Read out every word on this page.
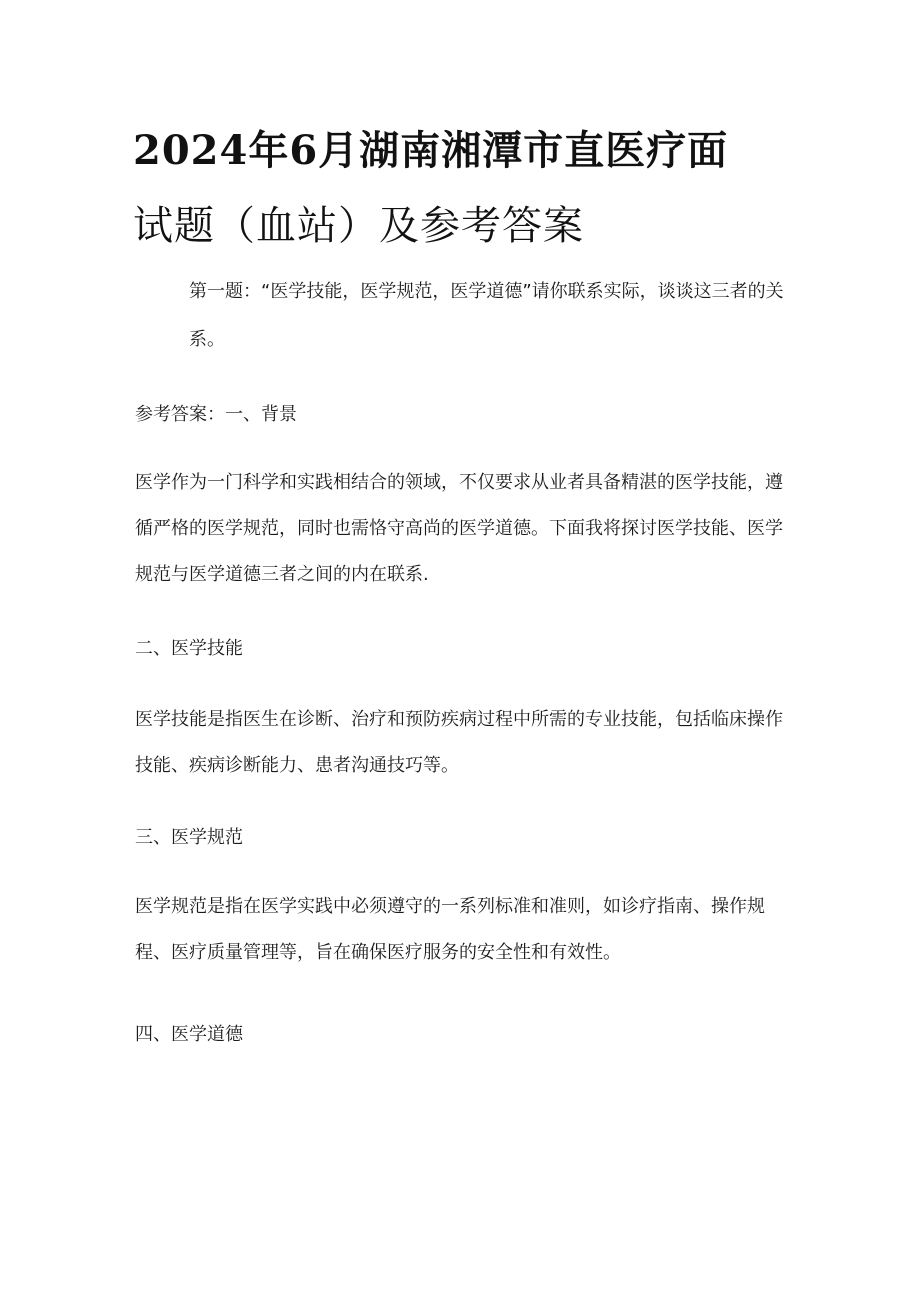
2024年6月湖南湘潭市直医疗面
试题（血站）及参考答案

第一题：“医学技能，医学规范，医学道德”请你联系实际，谈谈这三者的关系。

参考答案：一、背景

医学作为一门科学和实践相结合的领域，不仅要求从业者具备精湛的医学技能，遵循严格的医学规范，同时也需恪守高尚的医学道德。下面我将探讨医学技能、医学规范与医学道德三者之间的内在联系.

二、医学技能

医学技能是指医生在诊断、治疗和预防疾病过程中所需的专业技能，包括临床操作技能、疾病诊断能力、患者沟通技巧等。

三、医学规范

医学规范是指在医学实践中必须遵守的一系列标准和准则，如诊疗指南、操作规程、医疗质量管理等，旨在确保医疗服务的安全性和有效性。

四、医学道德
